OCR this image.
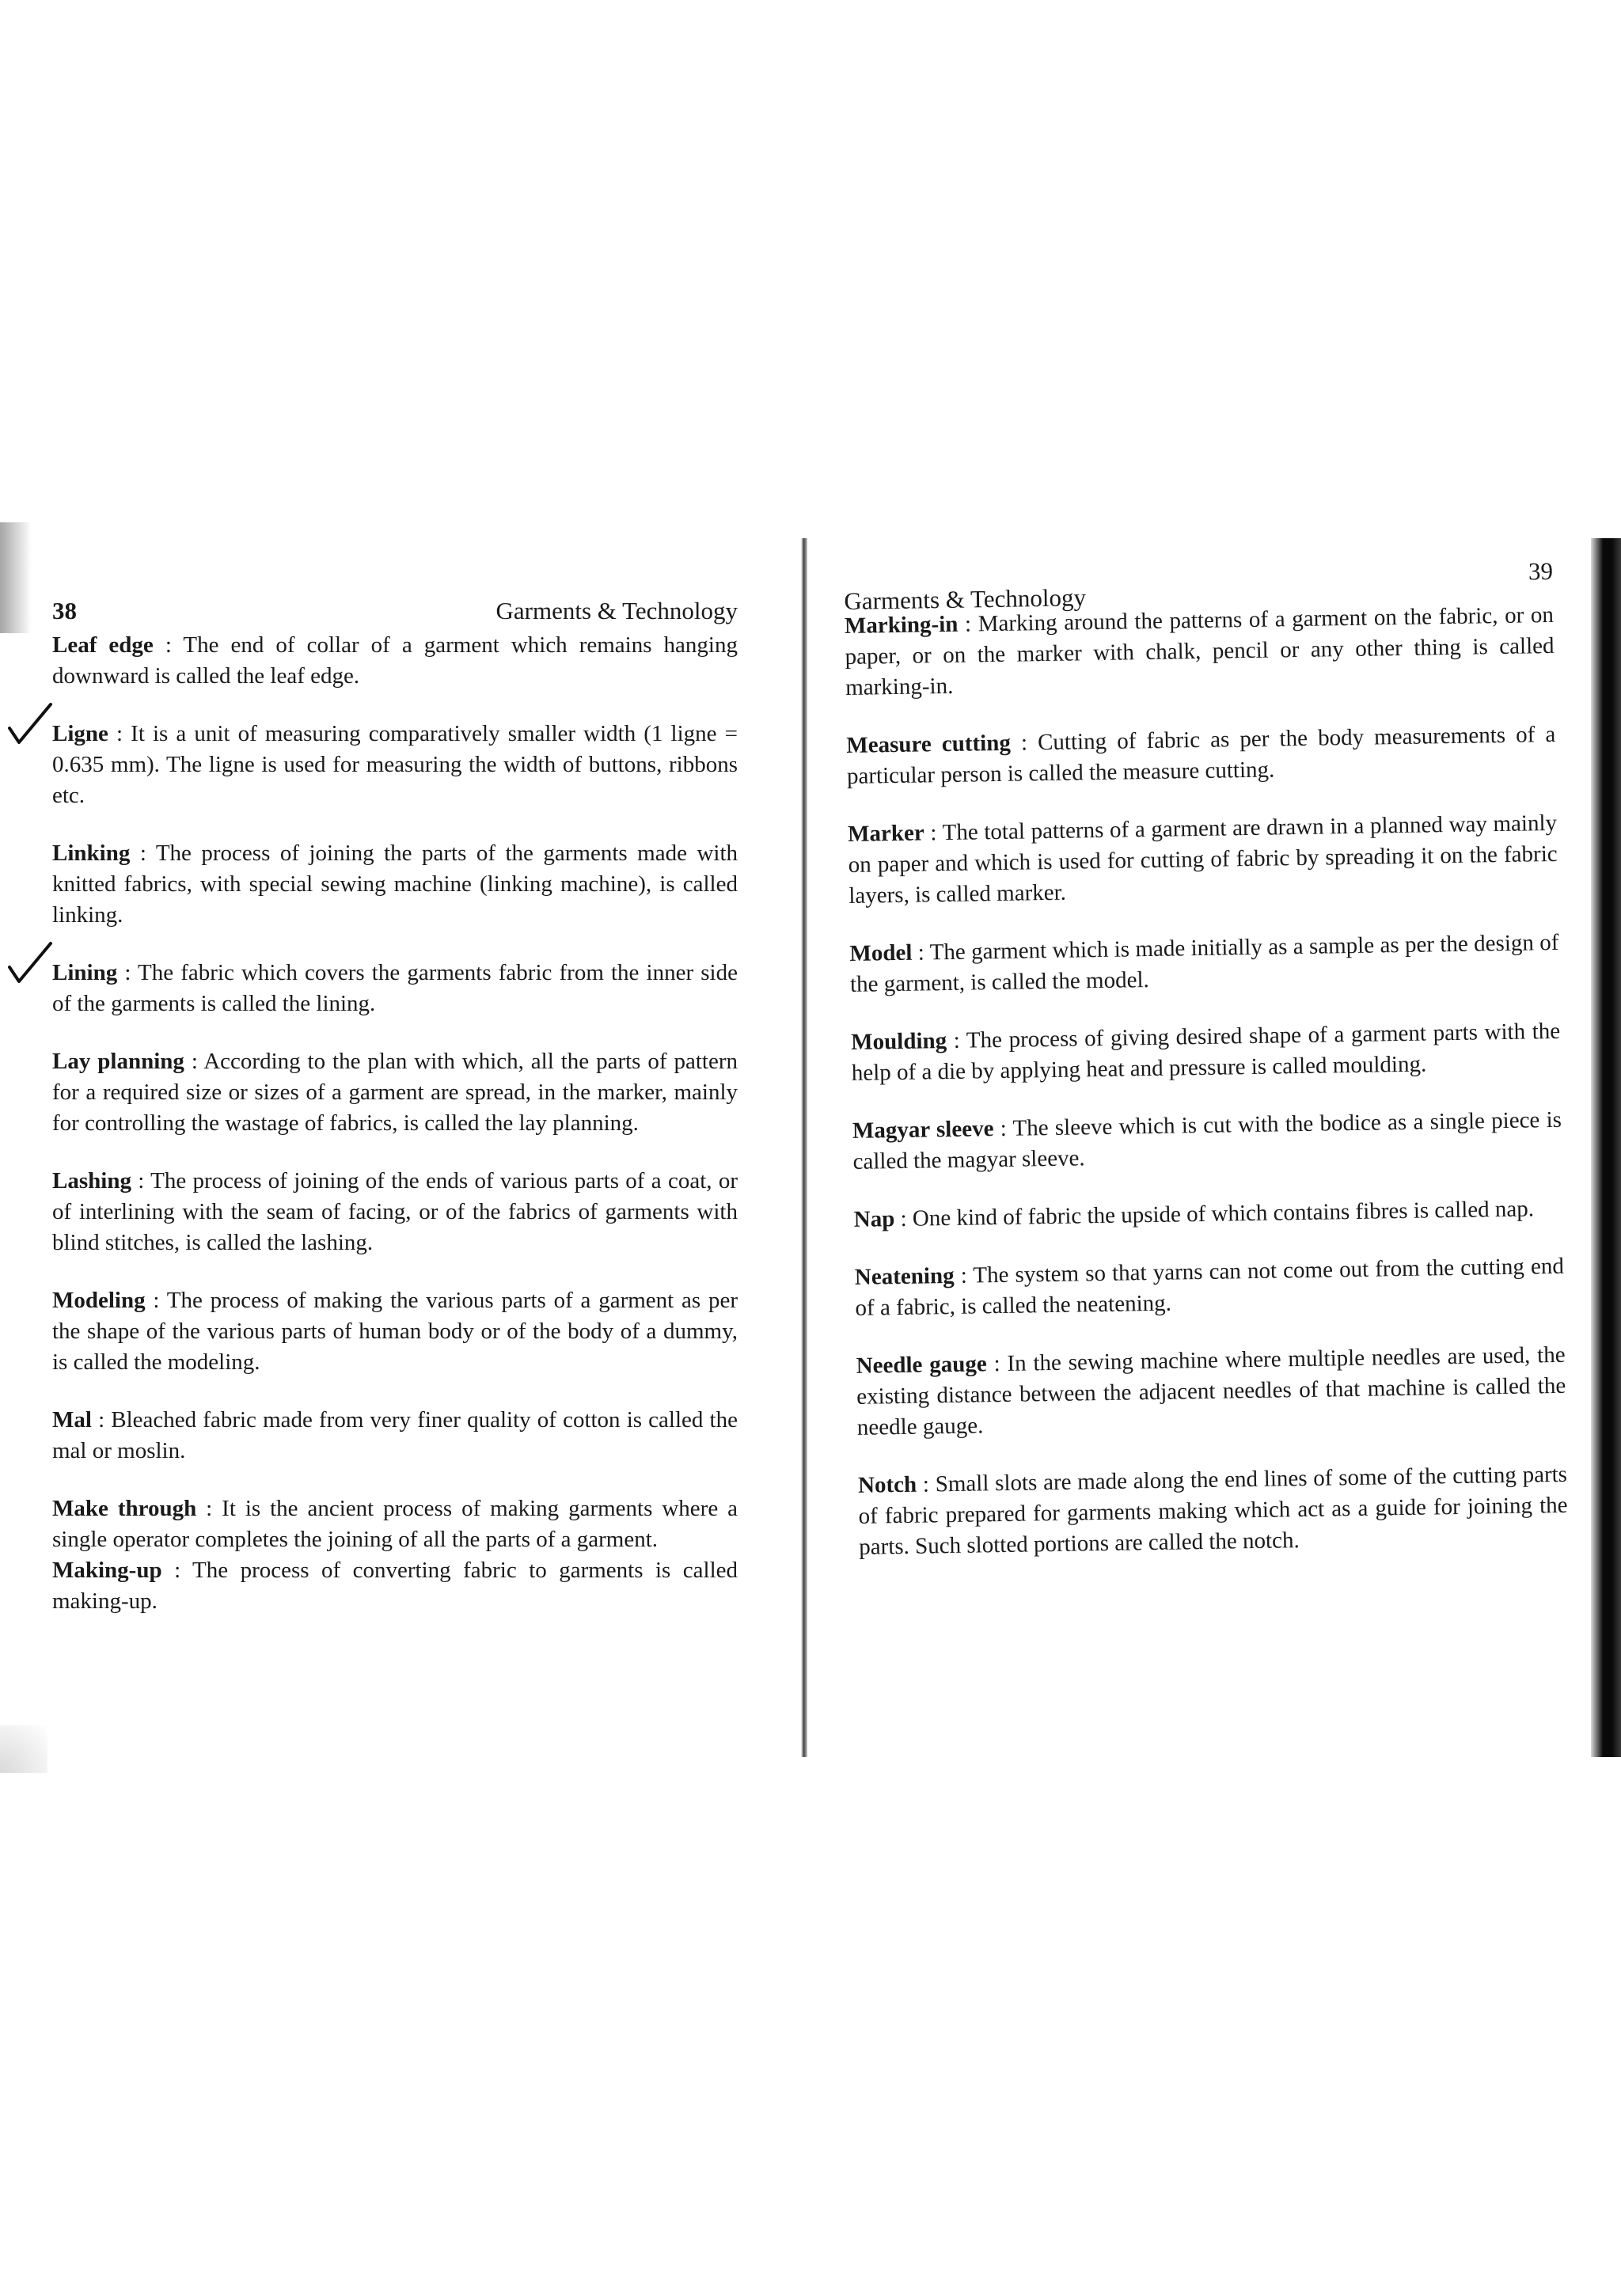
38	Garments & Technology

Leaf edge : The end of collar of a garment which remains hanging downward is called the leaf edge.

Ligne : It is a unit of measuring comparatively smaller width (1 ligne = 0.635 mm). The ligne is used for measuring the width of buttons, ribbons etc.

Linking : The process of joining the parts of the garments made with knitted fabrics, with special sewing machine (linking machine), is called linking.

Lining : The fabric which covers the garments fabric from the inner side of the garments is called the lining.

Lay planning : According to the plan with which, all the parts of pattern for a required size or sizes of a garment are spread, in the marker, mainly for controlling the wastage of fabrics, is called the lay planning.

Lashing : The process of joining of the ends of various parts of a coat, or of interlining with the seam of facing, or of the fabrics of garments with blind stitches, is called the lashing.

Modeling : The process of making the various parts of a garment as per the shape of the various parts of human body or of the body of a dummy, is called the modeling.

Mal : Bleached fabric made from very finer quality of cotton is called the mal or moslin.

Make through : It is the ancient process of making garments where a single operator completes the joining of all the parts of a garment.

Making-up : The process of converting fabric to garments is called making-up.

Garments & Technology
39

Marking-in : Marking around the patterns of a garment on the fabric, or on paper, or on the marker with chalk, pencil or any other thing is called marking-in.

Measure cutting : Cutting of fabric as per the body measurements of a particular person is called the measure cutting.

Marker : The total patterns of a garment are drawn in a planned way mainly on paper and which is used for cutting of fabric by spreading it on the fabric layers, is called marker.

Model : The garment which is made initially as a sample as per the design of the garment, is called the model.

Moulding : The process of giving desired shape of a garment parts with the help of a die by applying heat and pressure is called moulding.

Magyar sleeve : The sleeve which is cut with the bodice as a single piece is called the magyar sleeve.

Nap : One kind of fabric the upside of which contains fibres is called nap.

Neatening : The system so that yarns can not come out from the cutting end of a fabric, is called the neatening.

Needle gauge : In the sewing machine where multiple needles are used, the existing distance between the adjacent needles of that machine is called the needle gauge.

Notch : Small slots are made along the end lines of some of the cutting parts of fabric prepared for garments making which act as a guide for joining the parts. Such slotted portions are called the notch.
